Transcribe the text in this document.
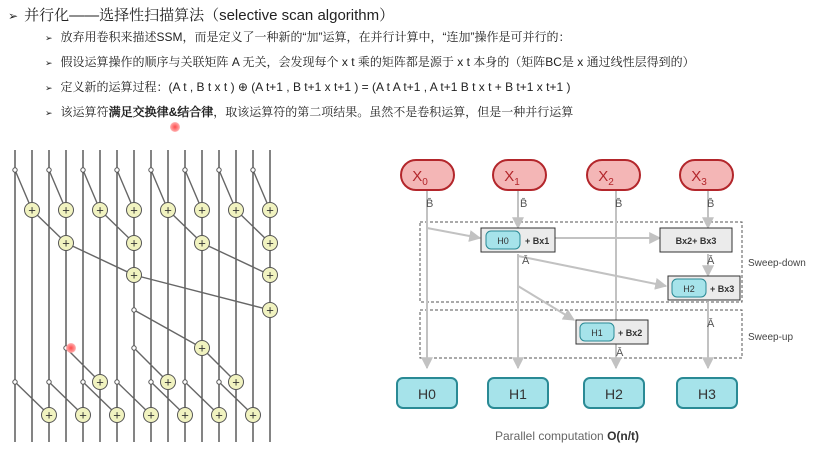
➢ 并行化——选择性扫描算法（selective scan algorithm）
➢ 放弃用卷积来描述SSM，而是定义了一种新的“加”运算，在并行计算中，“连加”操作是可并行的：
➢ 假设运算操作的顺序与关联矩阵 A 无关，会发现每个 x t 乘的矩阵都是源于 x t 本身的（矩阵BC是 x 通过线性层得到的）
➢ 定义新的运算过程：(A t , B t x t ) ⊕ (A t+1 , B t+1 x t+1 ) = (A t A t+1 , A t+1 B t x t + B t+1 x t+1 )
➢ 该运算符满足交换律&结合律，取该运算符的第二项结果。虽然不是卷积运算，但是一种并行运算
+ + + + + + + +
+	+	+	+
+	+
+
+
+	+	+
+ + + + + + +
$X_0$	$X_1$	$X_2$	$X_3$
B̄	B̄	B̄	B̄
Ā	Ā
Ā
Ā
H0 + Bx1	Bx2+ Bx3
H2 + Bx3
H1 + Bx2
Sweep-down
Sweep-up
H0	H1	H2	H3
Parallel computation O(n/t)
